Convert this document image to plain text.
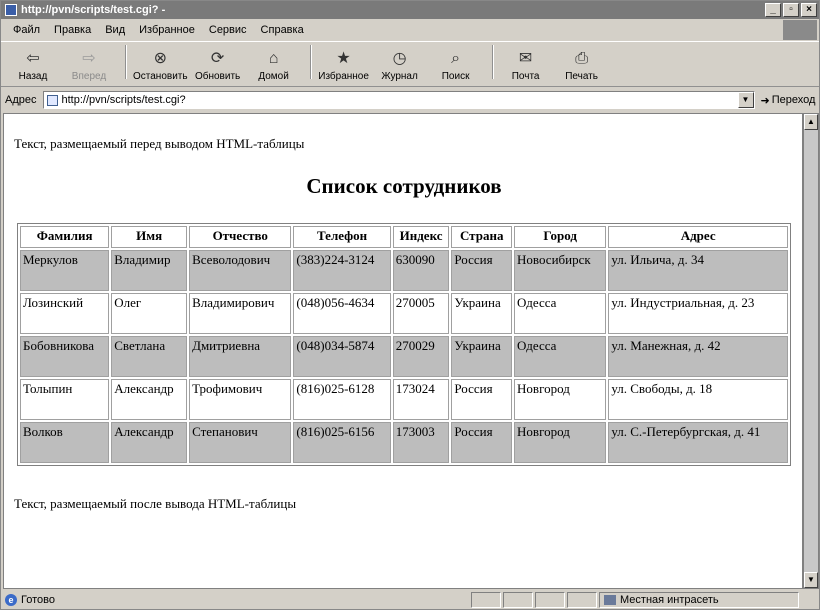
http://pvn/scripts/test.cgi? -	_	▫	×
Файл Правка Вид Избранное Сервис Справка
⇦
Назад
⇨
Вперед
⊗
Остановить
⟳
Обновить
⌂
Домой
★
Избранное
◷
Журнал
⌕
Поиск
✉
Почта
⎙
Печать
Адрес http://pvn/scripts/test.cgi?	▼	➜ Переход
Текст, размещаемый перед выводом HTML-таблицы
Список сотрудников
Фамилия	Имя	Отчество	Телефон	Индекс	Страна	Город	Адрес
Меркулов	Владимир	Всеволодович	(383)224-3124	630090	Россия	Новосибирск	ул. Ильича, д. 34
Лозинский	Олег	Владимирович	(048)056-4634	270005	Украина	Одесса	ул. Индустриальная, д. 23
Бобовникова	Светлана	Дмитриевна	(048)034-5874	270029	Украина	Одесса	ул. Манежная, д. 42
Толыпин	Александр	Трофимович	(816)025-6128	173024	Россия	Новгород	ул. Свободы, д. 18
Волков	Александр	Степанович	(816)025-6156	173003	Россия	Новгород	ул. С.-Петербургская, д. 41
Текст, размещаемый после вывода HTML-таблицы
▲
▼
e Готово	Местная интрасеть
